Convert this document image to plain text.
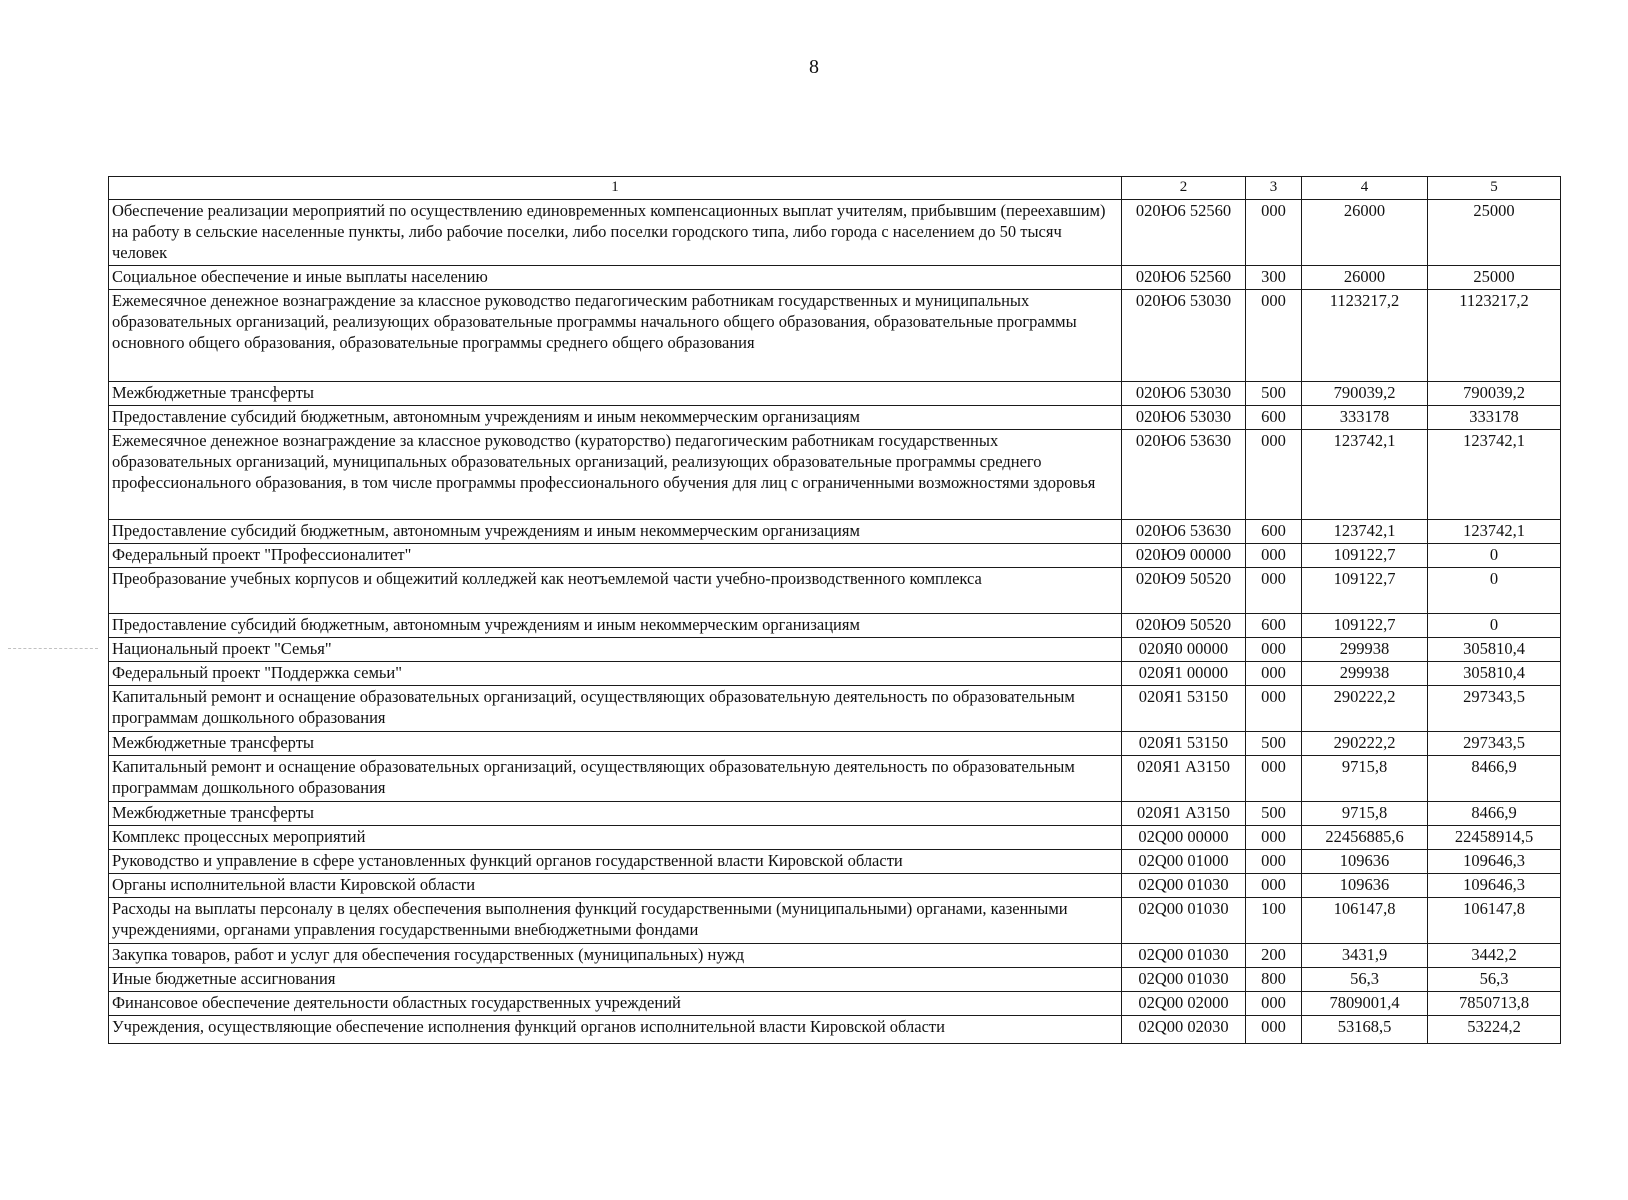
8
1	2	3	4	5
Обеспечение реализации мероприятий по осуществлению единовременных компенсационных выплат учителям, прибывшим (переехавшим) на работу в сельские населенные пункты, либо рабочие поселки, либо поселки городского типа, либо города с населением до 50 тысяч человек	020Ю6 52560	000	26000	25000
Социальное обеспечение и иные выплаты населению	020Ю6 52560	300	26000	25000
Ежемесячное денежное вознаграждение за классное руководство педагогическим работникам государственных и муниципальных образовательных организаций, реализующих образовательные программы начального общего образования, образовательные программы основного общего образования, образовательные программы среднего общего образования	020Ю6 53030	000	1123217,2	1123217,2
Межбюджетные трансферты	020Ю6 53030	500	790039,2	790039,2
Предоставление субсидий бюджетным, автономным учреждениям и иным некоммерческим организациям	020Ю6 53030	600	333178	333178
Ежемесячное денежное вознаграждение за классное руководство (кураторство) педагогическим работникам государственных образовательных организаций, муниципальных образовательных организаций, реализующих образовательные программы среднего профессионального образования, в том числе программы профессионального обучения для лиц с ограниченными возможностями здоровья	020Ю6 53630	000	123742,1	123742,1
Предоставление субсидий бюджетным, автономным учреждениям и иным некоммерческим организациям	020Ю6 53630	600	123742,1	123742,1
Федеральный проект "Профессионалитет"	020Ю9 00000	000	109122,7	0
Преобразование учебных корпусов и общежитий колледжей как неотъемлемой части учебно-производственного комплекса	020Ю9 50520	000	109122,7	0
Предоставление субсидий бюджетным, автономным учреждениям и иным некоммерческим организациям	020Ю9 50520	600	109122,7	0
Национальный проект "Семья"	020Я0 00000	000	299938	305810,4
Федеральный проект "Поддержка семьи"	020Я1 00000	000	299938	305810,4
Капитальный ремонт и оснащение образовательных организаций, осуществляющих образовательную деятельность по образовательным программам дошкольного образования	020Я1 53150	000	290222,2	297343,5
Межбюджетные трансферты	020Я1 53150	500	290222,2	297343,5
Капитальный ремонт и оснащение образовательных организаций, осуществляющих образовательную деятельность по образовательным программам дошкольного образования	020Я1 А3150	000	9715,8	8466,9
Межбюджетные трансферты	020Я1 А3150	500	9715,8	8466,9
Комплекс процессных мероприятий	02Q00 00000	000	22456885,6	22458914,5
Руководство и управление в сфере установленных функций органов государственной власти Кировской области	02Q00 01000	000	109636	109646,3
Органы исполнительной власти Кировской области	02Q00 01030	000	109636	109646,3
Расходы на выплаты персоналу в целях обеспечения выполнения функций государственными (муниципальными) органами, казенными учреждениями, органами управления государственными внебюджетными фондами	02Q00 01030	100	106147,8	106147,8
Закупка товаров, работ и услуг для обеспечения государственных (муниципальных) нужд	02Q00 01030	200	3431,9	3442,2
Иные бюджетные ассигнования	02Q00 01030	800	56,3	56,3
Финансовое обеспечение деятельности областных государственных учреждений	02Q00 02000	000	7809001,4	7850713,8
Учреждения, осуществляющие обеспечение исполнения функций органов исполнительной власти Кировской области	02Q00 02030	000	53168,5	53224,2
